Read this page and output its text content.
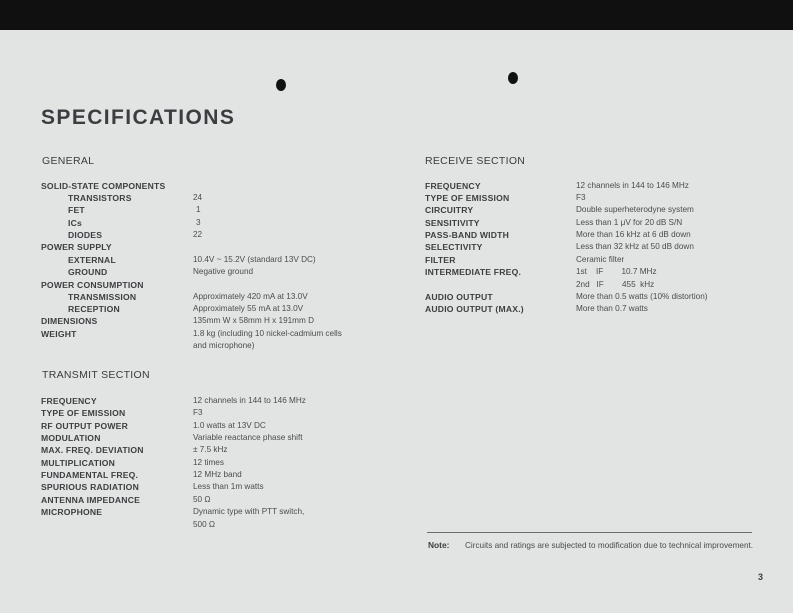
SPECIFICATIONS
GENERAL
SOLID-STATE COMPONENTS
TRANSISTORS	24
FET	1
ICs	3
DIODES	22
POWER SUPPLY
EXTERNAL	10.4V ~ 15.2V (standard 13V DC)
GROUND	Negative ground
POWER CONSUMPTION
TRANSMISSION	Approximately 420 mA at 13.0V
RECEPTION	Approximately 55 mA at 13.0V
DIMENSIONS	135mm W x 58mm H x 191mm D
WEIGHT	1.8 kg (including 10 nickel-cadmium cells
and microphone)
TRANSMIT SECTION
FREQUENCY	12 channels in 144 to 146 MHz
TYPE OF EMISSION	F3
RF OUTPUT POWER	1.0 watts at 13V DC
MODULATION	Variable reactance phase shift
MAX. FREQ. DEVIATION	± 7.5 kHz
MULTIPLICATION	12 times
FUNDAMENTAL FREQ.	12 MHz band
SPURIOUS RADIATION	Less than 1m watts
ANTENNA IMPEDANCE	50 Ω
MICROPHONE	Dynamic type with PTT switch,
500 Ω
RECEIVE SECTION
FREQUENCY	12 channels in 144 to 146 MHz
TYPE OF EMISSION	F3
CIRCUITRY	Double superheterodyne system
SENSITIVITY	Less than 1 μV for 20 dB S/N
PASS-BAND WIDTH	More than 16 kHz at 6 dB down
SELECTIVITY	Less than 32 kHz at 50 dB down
FILTER	Ceramic filter
INTERMEDIATE FREQ.	1st    IF        10.7 MHz
2nd   IF        455  kHz
AUDIO OUTPUT	More than 0.5 watts (10% distortion)
AUDIO OUTPUT (MAX.)	More than 0.7 watts
Note: Circuits and ratings are subjected to modification due to technical improvement.
3
